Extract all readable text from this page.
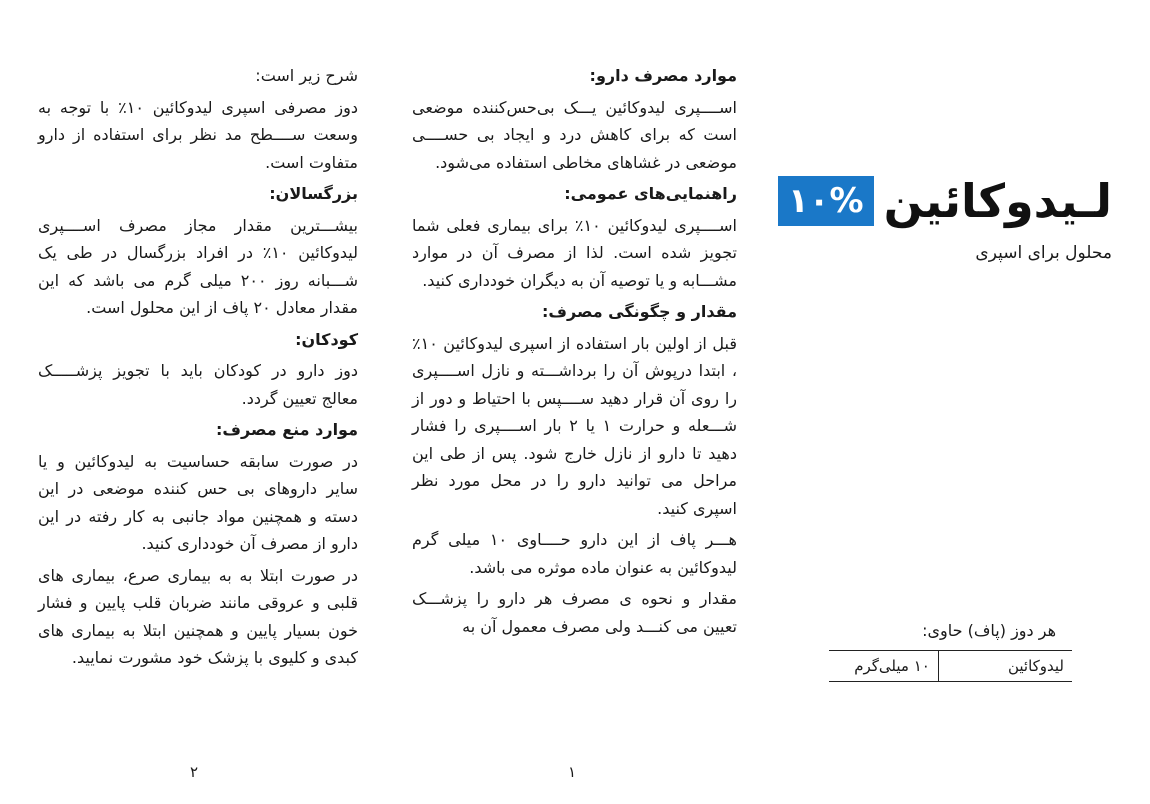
شرح زیر است:

دوز مصرفی اسپری لیدوکائین ۱۰٪ با توجه به وسعت ســــطح مد نظر برای استفاده از دارو متفاوت است.

بزرگسالان:

بیشـــترین مقدار مجاز مصرف اســــپری لیدوکائین ۱۰٪ در افراد بزرگسال در طی یک شـــبانه روز ۲۰۰ میلی گرم می باشد که این مقدار معادل ۲۰ پاف از این محلول است.

کودکان:

دوز دارو در کودکان باید با تجویز پزشـــــک معالج تعیین گردد.

موارد منع مصرف:

در صورت سابقه حساسیت به لیدوکائین و یا سایر داروهای بی حس کننده موضعی در این دسته و همچنین مواد جانبی به کار رفته در این دارو از مصرف آن خودداری کنید.

در صورت ابتلا به به بیماری صرع، بیماری های قلبی و عروقی مانند ضربان قلب پایین و فشار خون بسیار پایین و همچنین ابتلا به بیماری های کبدی و کلیوی با پزشک خود مشورت نمایید.

موارد مصرف دارو:

اســــپری لیدوکائین یـــک بی‌حس‌کننده موضعی است که برای کاهش درد و ایجاد بی حســــی موضعی در غشاهای مخاطی استفاده می‌شود.

راهنمایی‌های عمومی:

اســــپری لیدوکائین ۱۰٪ برای بیماری فعلی شما تجویز شده است. لذا از مصرف آن در موارد مشـــابه و یا توصیه آن به دیگران خودداری کنید.

مقدار و چگونگی مصرف:

قبل از اولین بار استفاده از اسپری لیدوکائین ۱۰٪ ، ابتدا درپوش آن را برداشـــته و نازل اســــپری را روی آن قرار دهید ســــپس با احتیاط و دور از شـــعله و حرارت ۱ یا ۲ بار اســــپری را فشار دهید تا دارو از نازل خارج شود. پس از طی این مراحل می توانید دارو را در محل مورد نظر اسپری کنید.

هـــر پاف از این دارو حــــاوی ۱۰ میلی گرم لیدوکائین به عنوان ماده موثره می باشد.

مقدار و نحوه ی مصرف هر دارو را پزشـــک تعیین می کنـــد ولی مصرف معمول آن به

لـیدوکائین
۱۰%
محلول برای اسپری
هر دوز (پاف) حاوی:
لیدوکائین	۱۰ میلی‌گرم
۱
۲
